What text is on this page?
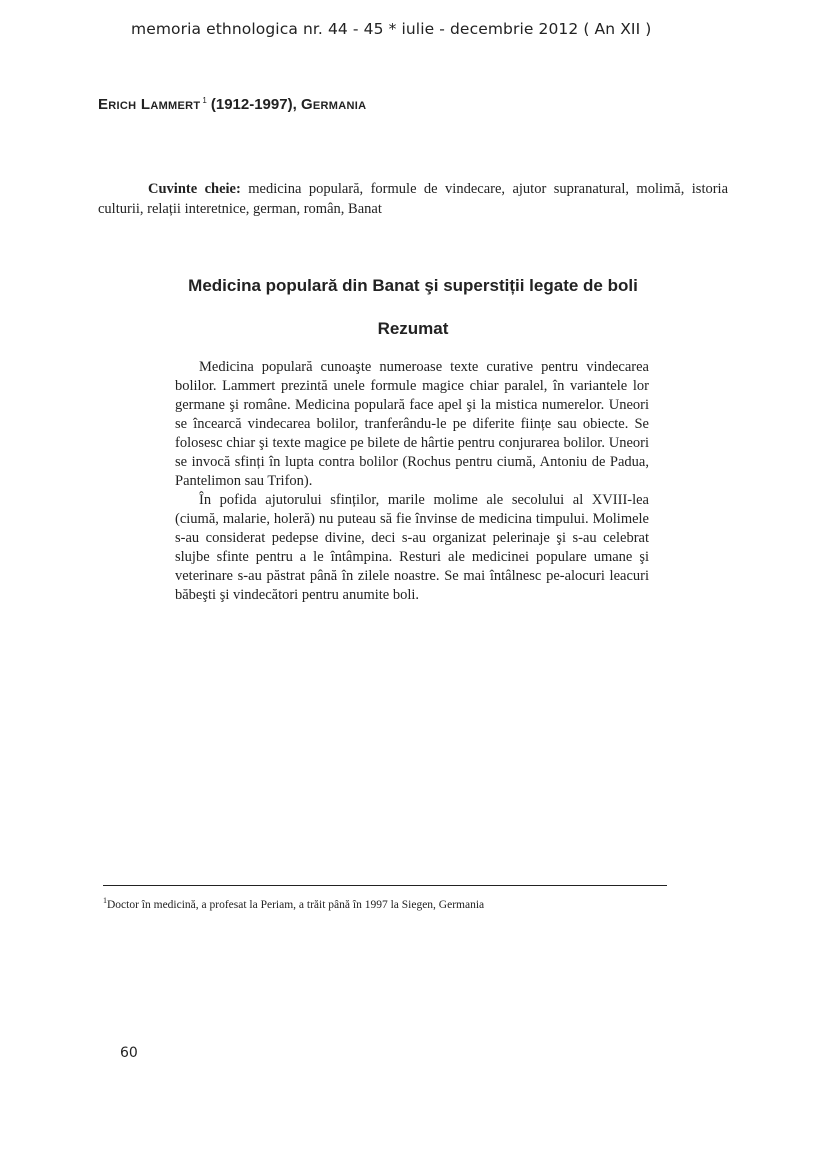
memoria ethnologica nr. 44 - 45 * iulie - decembrie 2012 ( An XII )
Erich Lammert $^1$ (1912-1997), Germania
Cuvinte cheie: medicina populară, formule de vindecare, ajutor supranatural, molimă, istoria culturii, relații interetnice, german, român, Banat
Medicina populară din Banat şi superstiții legate de boli
Rezumat

Medicina populară cunoaşte numeroase texte curative pentru vindecarea bolilor. Lammert prezintă unele formule magice chiar paralel, în variantele lor germane şi române. Medicina populară face apel şi la mistica numerelor. Uneori se încearcă vindecarea bolilor, tranferându-le pe diferite ființe sau obiecte. Se folosesc chiar şi texte magice pe bilete de hârtie pentru conjurarea bolilor. Uneori se invocă sfinți în lupta contra bolilor (Rochus pentru ciumă, Antoniu de Padua, Pantelimon sau Trifon).

În pofida ajutorului sfinților, marile molime ale secolului al XVIII-lea (ciumă, malarie, holeră) nu puteau să fie învinse de medicina timpului. Molimele s-au considerat pedepse divine, deci s-au organizat pelerinaje şi s-au celebrat slujbe sfinte pentru a le întâmpina. Resturi ale medicinei populare umane şi veterinare s-au păstrat până în zilele noastre. Se mai întâlnesc pe-alocuri leacuri băbeşti şi vindecători pentru anumite boli.

$^1$Doctor în medicină, a profesat la Periam, a trăit până în 1997 la Siegen, Germania
60
